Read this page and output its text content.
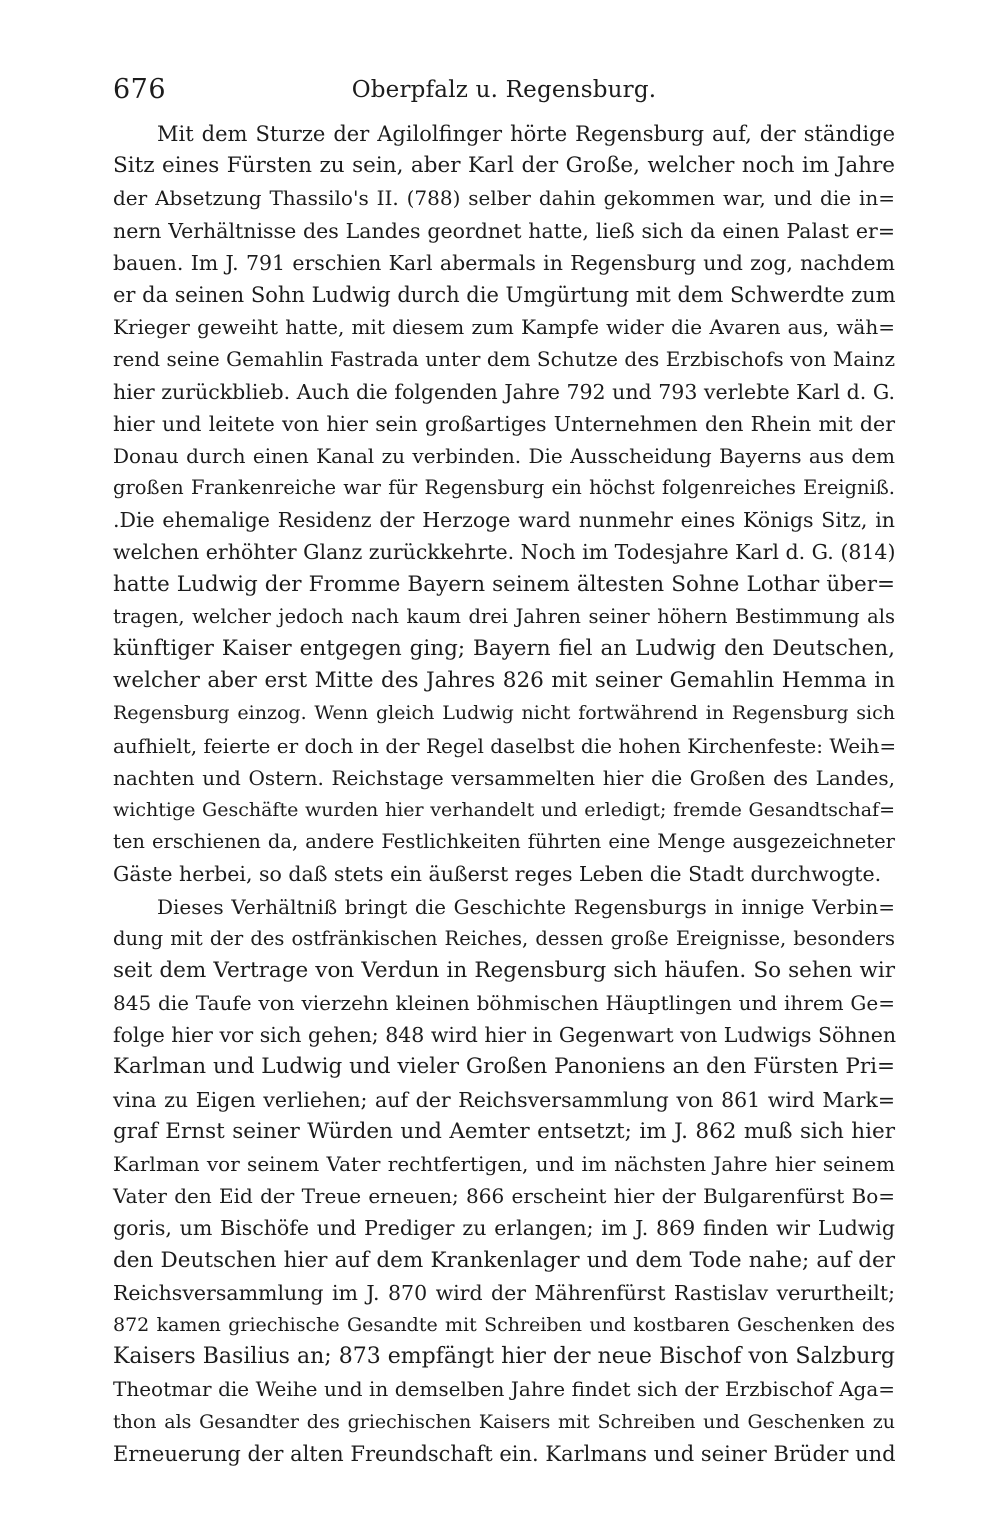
676	Oberpfalz u. Regensburg.
Mit dem Sturze der Agilolfinger hörte Regensburg auf, der ständige
Sitz eines Fürsten zu sein, aber Karl der Große, welcher noch im Jahre
der Absetzung Thassilo's II. (788) selber dahin gekommen war, und die in=
nern Verhältnisse des Landes geordnet hatte, ließ sich da einen Palast er=
bauen. Im J. 791 erschien Karl abermals in Regensburg und zog, nachdem
er da seinen Sohn Ludwig durch die Umgürtung mit dem Schwerdte zum
Krieger geweiht hatte, mit diesem zum Kampfe wider die Avaren aus, wäh=
rend seine Gemahlin Fastrada unter dem Schutze des Erzbischofs von Mainz
hier zurückblieb. Auch die folgenden Jahre 792 und 793 verlebte Karl d. G.
hier und leitete von hier sein großartiges Unternehmen den Rhein mit der
Donau durch einen Kanal zu verbinden. Die Ausscheidung Bayerns aus dem
großen Frankenreiche war für Regensburg ein höchst folgenreiches Ereigniß.
.Die ehemalige Residenz der Herzoge ward nunmehr eines Königs Sitz, in
welchen erhöhter Glanz zurückkehrte. Noch im Todesjahre Karl d. G. (814)
hatte Ludwig der Fromme Bayern seinem ältesten Sohne Lothar über=
tragen, welcher jedoch nach kaum drei Jahren seiner höhern Bestimmung als
künftiger Kaiser entgegen ging; Bayern fiel an Ludwig den Deutschen,
welcher aber erst Mitte des Jahres 826 mit seiner Gemahlin Hemma in
Regensburg einzog. Wenn gleich Ludwig nicht fortwährend in Regensburg sich
aufhielt, feierte er doch in der Regel daselbst die hohen Kirchenfeste: Weih=
nachten und Ostern. Reichstage versammelten hier die Großen des Landes,
wichtige Geschäfte wurden hier verhandelt und erledigt; fremde Gesandtschaf=
ten erschienen da, andere Festlichkeiten führten eine Menge ausgezeichneter
Gäste herbei, so daß stets ein äußerst reges Leben die Stadt durchwogte.
Dieses Verhältniß bringt die Geschichte Regensburgs in innige Verbin=
dung mit der des ostfränkischen Reiches, dessen große Ereignisse, besonders
seit dem Vertrage von Verdun in Regensburg sich häufen. So sehen wir
845 die Taufe von vierzehn kleinen böhmischen Häuptlingen und ihrem Ge=
folge hier vor sich gehen; 848 wird hier in Gegenwart von Ludwigs Söhnen
Karlman und Ludwig und vieler Großen Panoniens an den Fürsten Pri=
vina zu Eigen verliehen; auf der Reichsversammlung von 861 wird Mark=
graf Ernst seiner Würden und Aemter entsetzt; im J. 862 muß sich hier
Karlman vor seinem Vater rechtfertigen, und im nächsten Jahre hier seinem
Vater den Eid der Treue erneuen; 866 erscheint hier der Bulgarenfürst Bo=
goris, um Bischöfe und Prediger zu erlangen; im J. 869 finden wir Ludwig
den Deutschen hier auf dem Krankenlager und dem Tode nahe; auf der
Reichsversammlung im J. 870 wird der Mährenfürst Rastislav verurtheilt;
872 kamen griechische Gesandte mit Schreiben und kostbaren Geschenken des
Kaisers Basilius an; 873 empfängt hier der neue Bischof von Salzburg
Theotmar die Weihe und in demselben Jahre findet sich der Erzbischof Aga=
thon als Gesandter des griechischen Kaisers mit Schreiben und Geschenken zu
Erneuerung der alten Freundschaft ein. Karlmans und seiner Brüder und
